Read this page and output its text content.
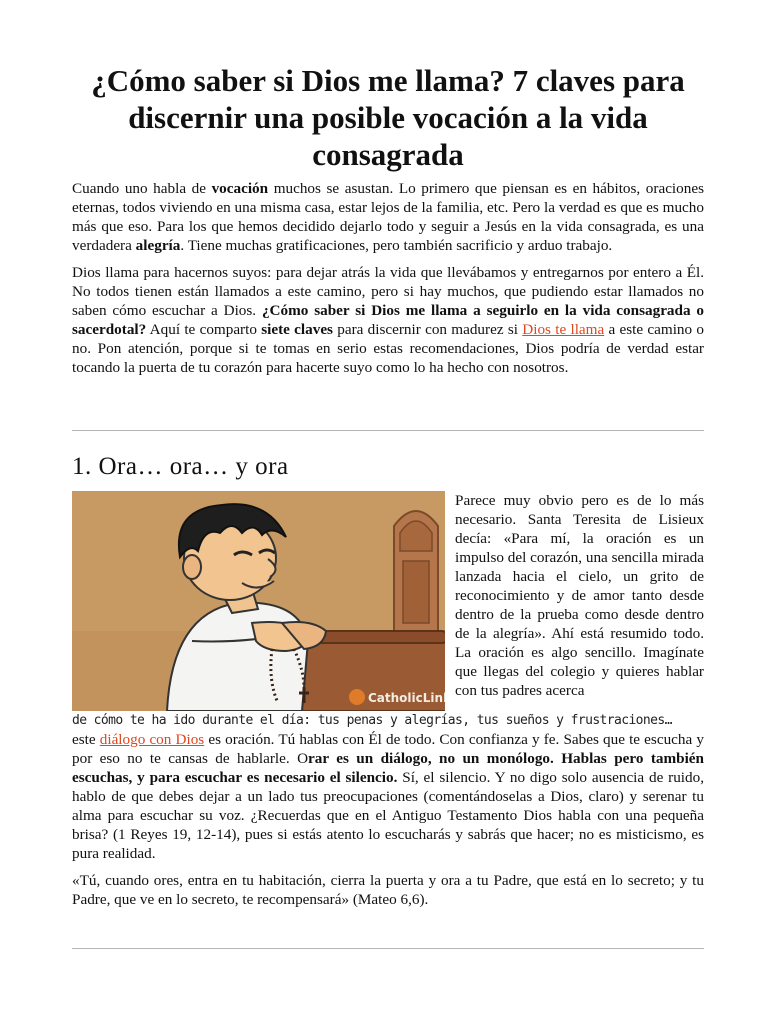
¿Cómo saber si Dios me llama? 7 claves para discernir una posible vocación a la vida consagrada

Cuando uno habla de vocación muchos se asustan. Lo primero que piensan es en hábitos, oraciones eternas, todos viviendo en una misma casa, estar lejos de la familia, etc. Pero la verdad es que es mucho más que eso. Para los que hemos decidido dejarlo todo y seguir a Jesús en la vida consagrada, es una verdadera alegría. Tiene muchas gratificaciones, pero también sacrificio y arduo trabajo.

Dios llama para hacernos suyos: para dejar atrás la vida que llevábamos y entregarnos por entero a Él. No todos tienen están llamados a este camino, pero si hay muchos, que pudiendo estar llamados no saben cómo escuchar a Dios. ¿Cómo saber si Dios me llama a seguirlo en la vida consagrada o sacerdotal? Aquí te comparto siete claves para discernir con madurez si Dios te llama a este camino o no. Pon atención, porque si te tomas en serio estas recomendaciones, Dios podría de verdad estar tocando la puerta de tu corazón para hacerte suyo como lo ha hecho con nosotros.

1. Ora… ora… y ora
CatholicLink

Parece muy obvio pero es de lo más necesario. Santa Teresita de Lisieux decía: «Para mí, la oración es un impulso del corazón, una sencilla mirada lanzada hacia el cielo, un grito de reconocimiento y de amor tanto desde dentro de la prueba como desde dentro de la alegría». Ahí está resumido todo. La oración es algo sencillo. Imagínate que llegas del colegio y quieres hablar con tus padres acerca

de cómo te ha ido durante el día: tus penas y alegrías, tus sueños y frustraciones…

este diálogo con Dios es oración. Tú hablas con Él de todo. Con confianza y fe. Sabes que te escucha y por eso no te cansas de hablarle. Orar es un diálogo, no un monólogo. Hablas pero también escuchas, y para escuchar es necesario el silencio. Sí, el silencio. Y no digo solo ausencia de ruido, hablo de que debes dejar a un lado tus preocupaciones (comentándoselas a Dios, claro) y serenar tu alma para escuchar su voz. ¿Recuerdas que en el Antiguo Testamento Dios habla con una pequeña brisa? (1 Reyes 19, 12-14), pues si estás atento lo escucharás y sabrás que hacer; no es misticismo, es pura realidad.

«Tú, cuando ores, entra en tu habitación, cierra la puerta y ora a tu Padre, que está en lo secreto; y tu Padre, que ve en lo secreto, te recompensará» (Mateo 6,6).
